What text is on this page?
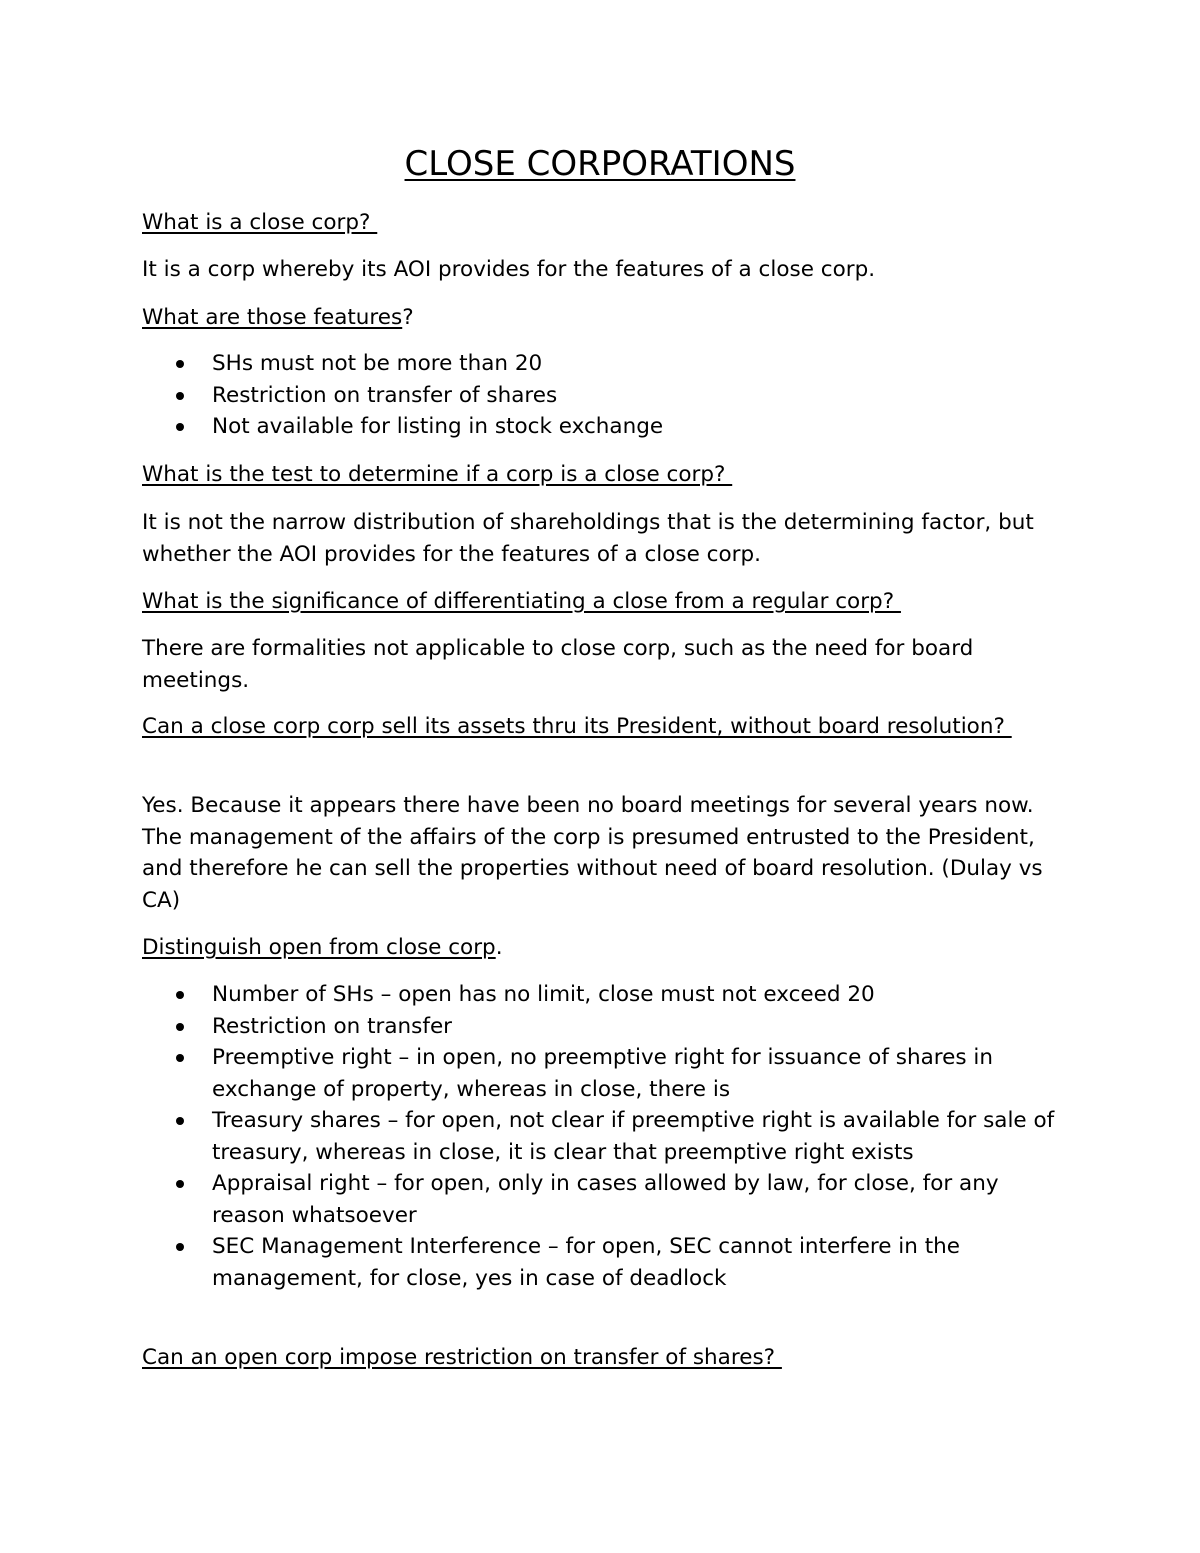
CLOSE CORPORATIONS

What is a close corp?

It is a corp whereby its AOI provides for the features of a close corp.

What are those features?

SHs must not be more than 20
Restriction on transfer of shares
Not available for listing in stock exchange

What is the test to determine if a corp is a close corp?

It is not the narrow distribution of shareholdings that is the determining factor, but whether the AOI provides for the features of a close corp.

What is the significance of differentiating a close from a regular corp?

There are formalities not applicable to close corp, such as the need for board meetings.

Can a close corp corp sell its assets thru its President, without board resolution?

Yes. Because it appears there have been no board meetings for several years now. The management of the affairs of the corp is presumed entrusted to the President, and therefore he can sell the properties without need of board resolution. (Dulay vs CA)

Distinguish open from close corp.

Number of SHs – open has no limit, close must not exceed 20
Restriction on transfer
Preemptive right – in open, no preemptive right for issuance of shares in exchange of property, whereas in close, there is
Treasury shares – for open, not clear if preemptive right is available for sale of treasury, whereas in close, it is clear that preemptive right exists
Appraisal right – for open, only in cases allowed by law, for close, for any reason whatsoever
SEC Management Interference – for open, SEC cannot interfere in the management, for close, yes in case of deadlock

Can an open corp impose restriction on transfer of shares?
